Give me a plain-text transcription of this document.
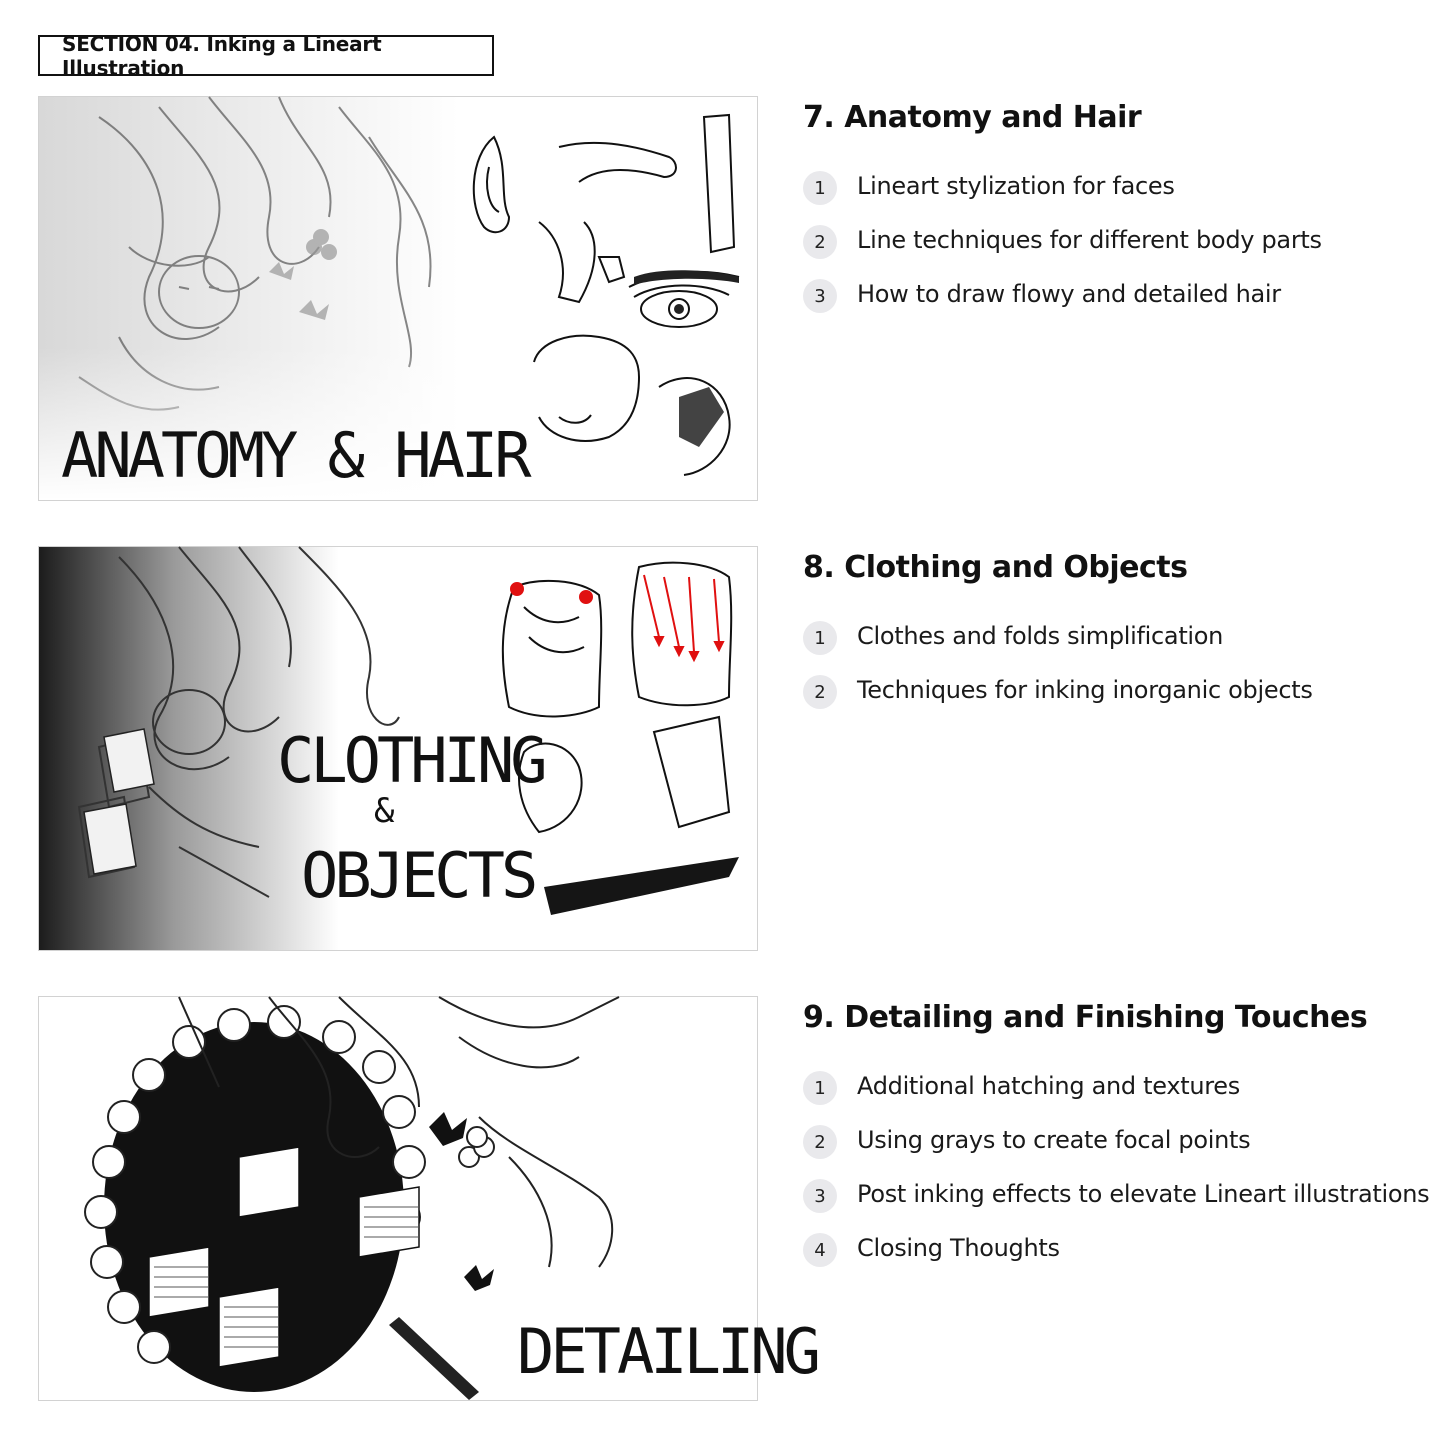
SECTION 04. Inking a Lineart Illustration
ANATOMY & HAIR
7. Anatomy and Hair
1	Lineart stylization for faces
2	Line techniques for different body parts
3	How to draw flowy and detailed hair
CLOTHING
&
OBJECTS
8. Clothing and Objects
1	Clothes and folds simplification
2	Techniques for inking inorganic objects
DETAILING
9. Detailing and Finishing Touches
1	Additional hatching and textures
2	Using grays to create focal points
3	Post inking effects to elevate Lineart illustrations
4	Closing Thoughts
